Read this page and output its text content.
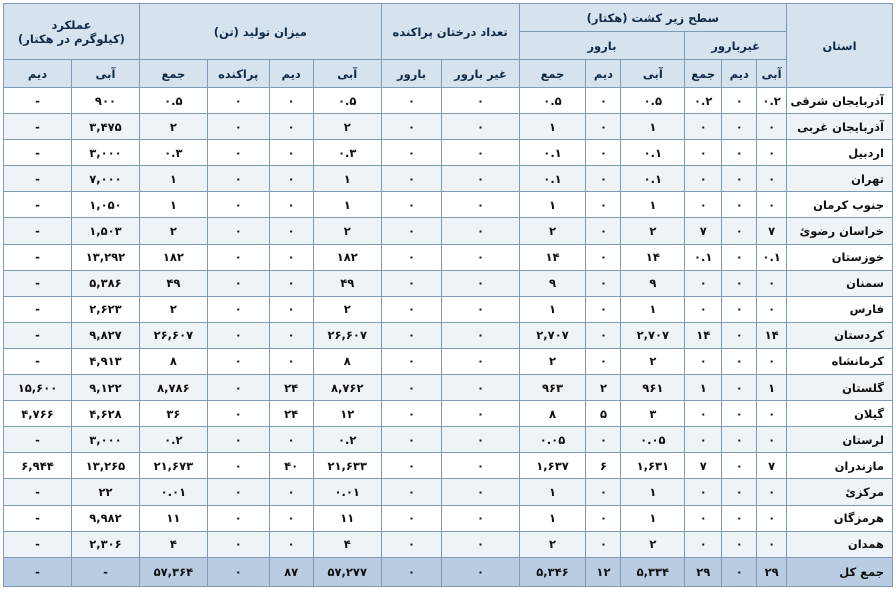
استان	سطح زیر کشت (هکتار)						تعداد درختان پراکنده		میزان تولید (تن)				عملکرد
(کیلوگرم در هکتار)	

	غیربارور			بارور										
	آبی	دیم	جمع	آبی	دیم	جمع	غیر بارور	بارور	آبی	دیم	پراکنده	جمع	آبی	دیم
آذربایجان شرقی	۰.۲	۰	۰.۲	۰.۵	۰	۰.۵	۰	۰	۰.۵	۰	۰	۰.۵	۹۰۰	-
آذربایجان غربی	۰	۰	۰	۱	۰	۱	۰	۰	۲	۰	۰	۲	۳,۴۷۵	-
اردبیل	۰	۰	۰	۰.۱	۰	۰.۱	۰	۰	۰.۳	۰	۰	۰.۳	۳,۰۰۰	-
تهران	۰	۰	۰	۰.۱	۰	۰.۱	۰	۰	۱	۰	۰	۱	۷,۰۰۰	-
جنوب کرمان	۰	۰	۰	۱	۰	۱	۰	۰	۱	۰	۰	۱	۱,۰۵۰	-
خراسان رضوئ	۷	۰	۷	۲	۰	۲	۰	۰	۲	۰	۰	۲	۱,۵۰۳	-
خوزستان	۰.۱	۰	۰.۱	۱۴	۰	۱۴	۰	۰	۱۸۲	۰	۰	۱۸۲	۱۳,۲۹۲	-
سمنان	۰	۰	۰	۹	۰	۹	۰	۰	۴۹	۰	۰	۴۹	۵,۳۸۶	-
فارس	۰	۰	۰	۱	۰	۱	۰	۰	۲	۰	۰	۲	۲,۶۲۳	-
کردستان	۱۴	۰	۱۴	۲,۷۰۷	۰	۲,۷۰۷	۰	۰	۲۶,۶۰۷	۰	۰	۲۶,۶۰۷	۹,۸۲۷	-
کرمانشاه	۰	۰	۰	۲	۰	۲	۰	۰	۸	۰	۰	۸	۴,۹۱۳	-
گلستان	۱	۰	۱	۹۶۱	۲	۹۶۳	۰	۰	۸,۷۶۲	۲۴	۰	۸,۷۸۶	۹,۱۲۲	۱۵,۶۰۰
گیلان	۰	۰	۰	۳	۵	۸	۰	۰	۱۲	۲۴	۰	۳۶	۴,۶۲۸	۴,۷۶۶
لرستان	۰	۰	۰	۰.۰۵	۰	۰.۰۵	۰	۰	۰.۲	۰	۰	۰.۲	۳,۰۰۰	-
مازندران	۷	۰	۷	۱,۶۳۱	۶	۱,۶۳۷	۰	۰	۲۱,۶۳۳	۴۰	۰	۲۱,۶۷۳	۱۳,۲۶۵	۶,۹۴۴
مرکزئ	۰	۰	۰	۱	۰	۱	۰	۰	۰.۰۱	۰	۰	۰.۰۱	۲۲	-
هرمزگان	۰	۰	۰	۱	۰	۱	۰	۰	۱۱	۰	۰	۱۱	۹,۹۸۲	-
همدان	۰	۰	۰	۲	۰	۲	۰	۰	۴	۰	۰	۴	۲,۳۰۶	-
جمع کل	۲۹	۰	۲۹	۵,۳۳۴	۱۲	۵,۳۴۶	۰	۰	۵۷,۲۷۷	۸۷	۰	۵۷,۳۶۴	-	-
